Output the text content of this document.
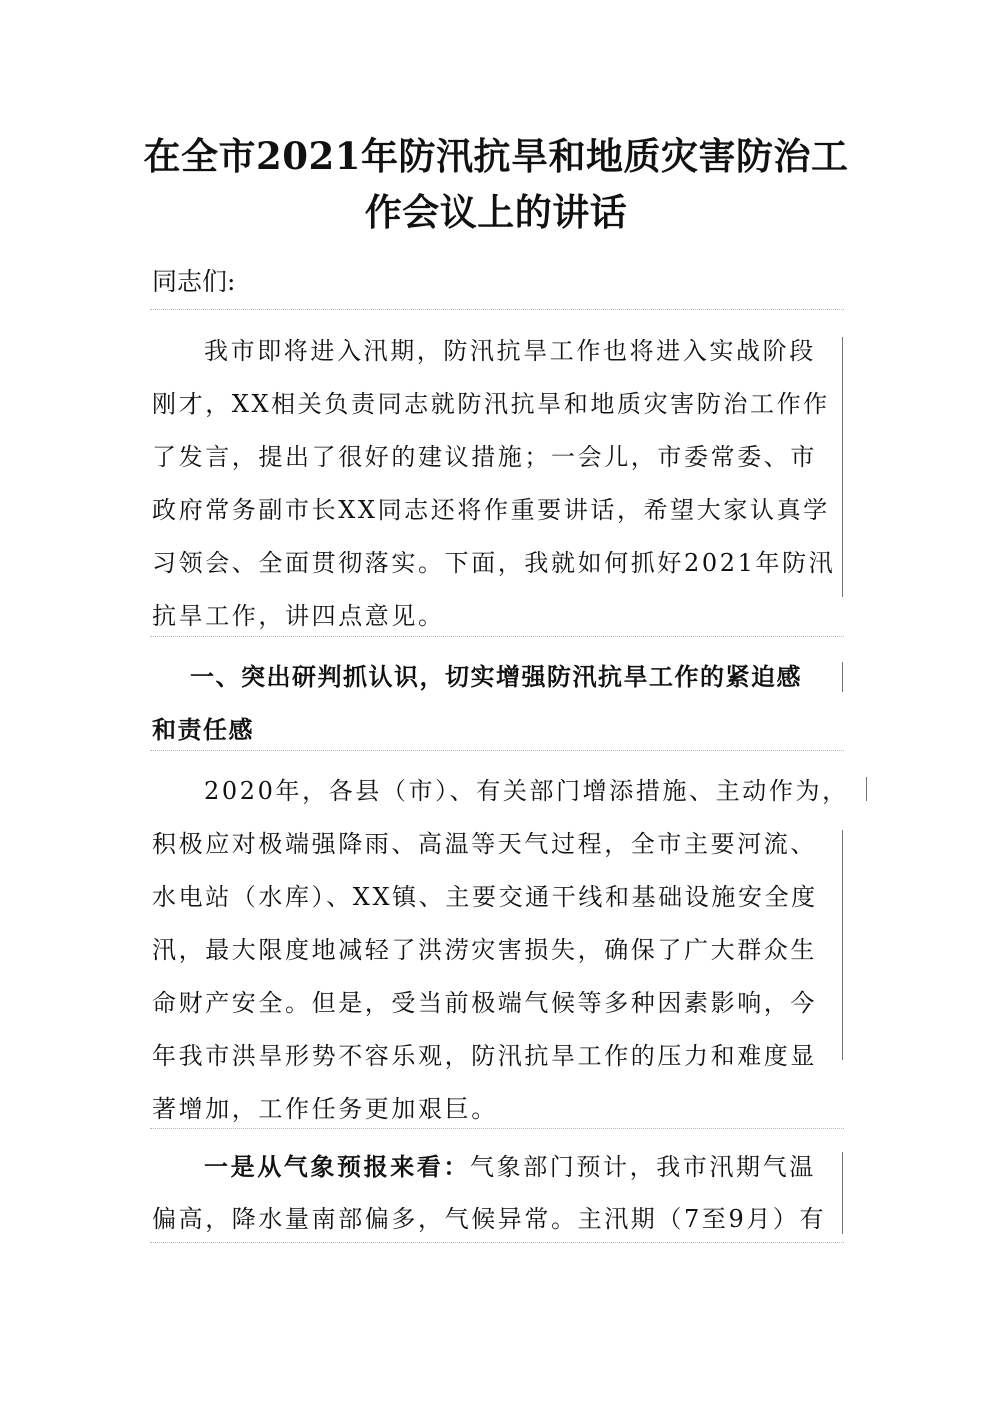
在全市2021年防汛抗旱和地质灾害防治工
作会议上的讲话
同志们:
我市即将进入汛期，防汛抗旱工作也将进入实战阶段
刚才，XX相关负责同志就防汛抗旱和地质灾害防治工作作
了发言，提出了很好的建议措施；一会儿，市委常委、市
政府常务副市长XX同志还将作重要讲话，希望大家认真学
习领会、全面贯彻落实。下面，我就如何抓好2021年防汛
抗旱工作，讲四点意见。
一、突出研判抓认识，切实增强防汛抗旱工作的紧迫感
和责任感
2020年，各县（市）、有关部门增添措施、主动作为，
积极应对极端强降雨、高温等天气过程，全市主要河流、
水电站（水库）、XX镇、主要交通干线和基础设施安全度
汛，最大限度地减轻了洪涝灾害损失，确保了广大群众生
命财产安全。但是，受当前极端气候等多种因素影响，今
年我市洪旱形势不容乐观，防汛抗旱工作的压力和难度显
著增加，工作任务更加艰巨。
一是从气象预报来看：气象部门预计，我市汛期气温
偏高，降水量南部偏多，气候异常。主汛期（7至9月）有
